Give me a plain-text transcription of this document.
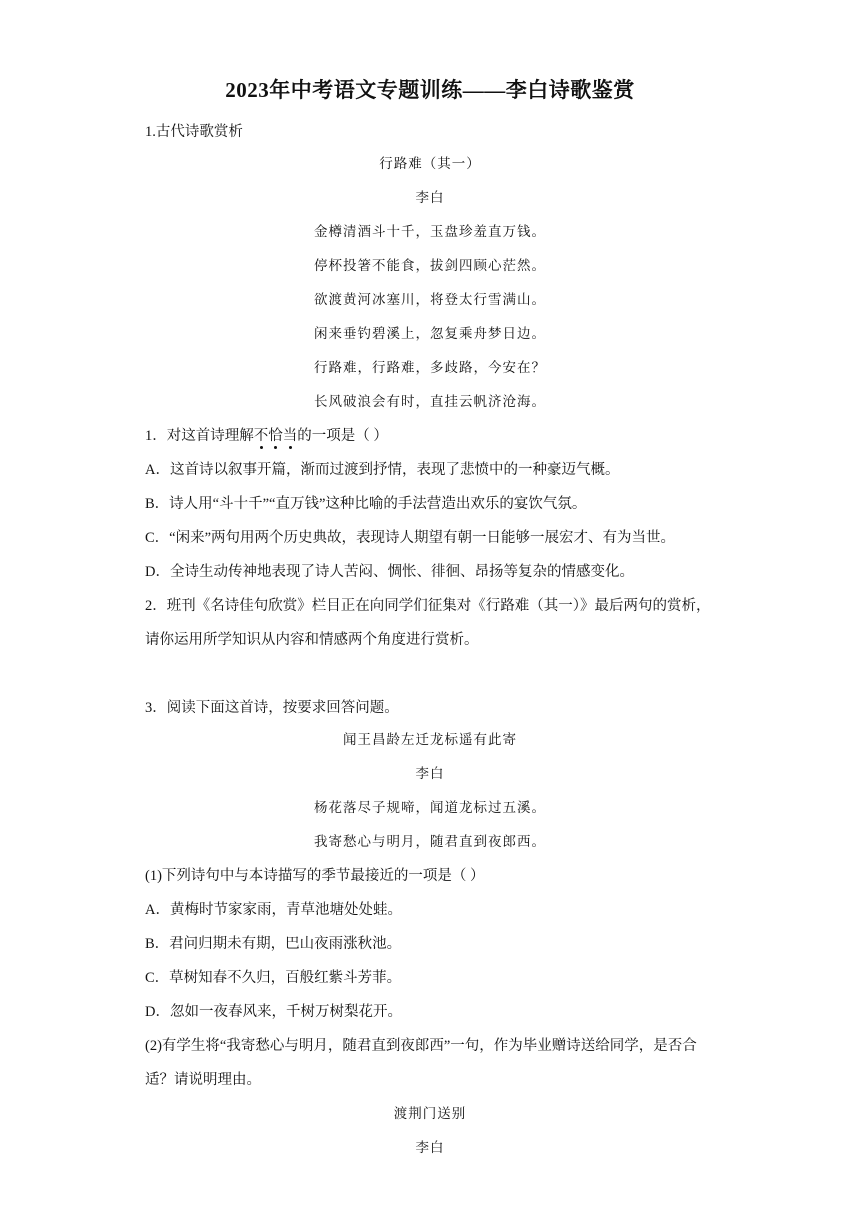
2023年中考语文专题训练——李白诗歌鉴赏
1.古代诗歌赏析
行路难（其一）
李白
金樽清酒斗十千，玉盘珍羞直万钱。
停杯投箸不能食，拔剑四顾心茫然。
欲渡黄河冰塞川，将登太行雪满山。
闲来垂钓碧溪上，忽复乘舟梦日边。
行路难，行路难，多歧路，今安在？
长风破浪会有时，直挂云帆济沧海。
1．对这首诗理解不恰当的一项是（ ）
A．这首诗以叙事开篇，渐而过渡到抒情，表现了悲愤中的一种豪迈气概。
B．诗人用“斗十千”“直万钱”这种比喻的手法营造出欢乐的宴饮气氛。
C．“闲来”两句用两个历史典故，表现诗人期望有朝一日能够一展宏才、有为当世。
D．全诗生动传神地表现了诗人苦闷、惆怅、徘徊、昂扬等复杂的情感变化。
2．班刊《名诗佳句欣赏》栏目正在向同学们征集对《行路难（其一）》最后两句的赏析，
请你运用所学知识从内容和情感两个角度进行赏析。
3．阅读下面这首诗，按要求回答问题。
闻王昌龄左迁龙标遥有此寄
李白
杨花落尽子规啼，闻道龙标过五溪。
我寄愁心与明月，随君直到夜郎西。
(1)下列诗句中与本诗描写的季节最接近的一项是（ ）
A．黄梅时节家家雨，青草池塘处处蛙。
B．君问归期未有期，巴山夜雨涨秋池。
C．草树知春不久归，百般红紫斗芳菲。
D．忽如一夜春风来，千树万树梨花开。
(2)有学生将“我寄愁心与明月，随君直到夜郎西”一句，作为毕业赠诗送给同学，是否合
适？请说明理由。
渡荆门送别
李白
